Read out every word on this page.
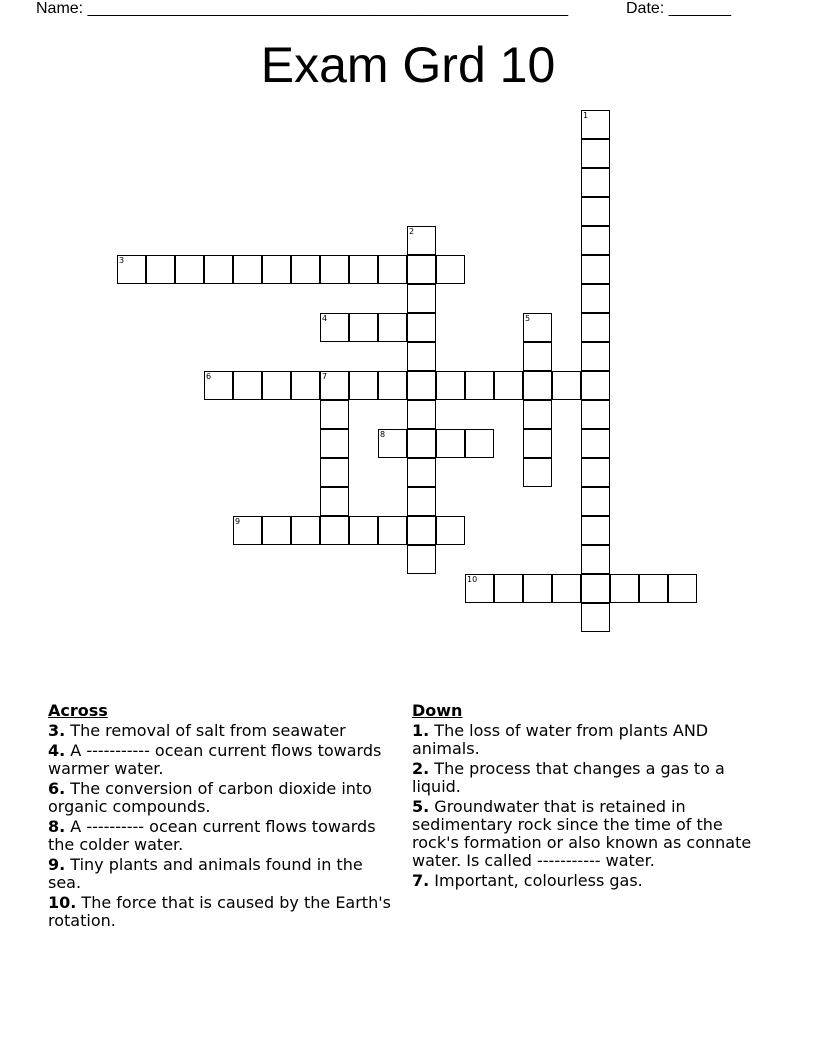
Name: ______________________________________________________	Date: _______
Exam Grd 10
1
2
3
4	5
6	7
8
9
10
Across
3. The removal of salt from seawater
4. A ----------- ocean current flows towards warmer water.
6. The conversion of carbon dioxide into organic compounds.
8. A ---------- ocean current flows towards the colder water.
9. Tiny plants and animals found in the sea.
10. The force that is caused by the Earth's rotation.
Down
1. The loss of water from plants AND animals.
2. The process that changes a gas to a liquid.
5. Groundwater that is retained in sedimentary rock since the time of the rock's formation or also known as connate water. Is called ----------- water.
7. Important, colourless gas.
